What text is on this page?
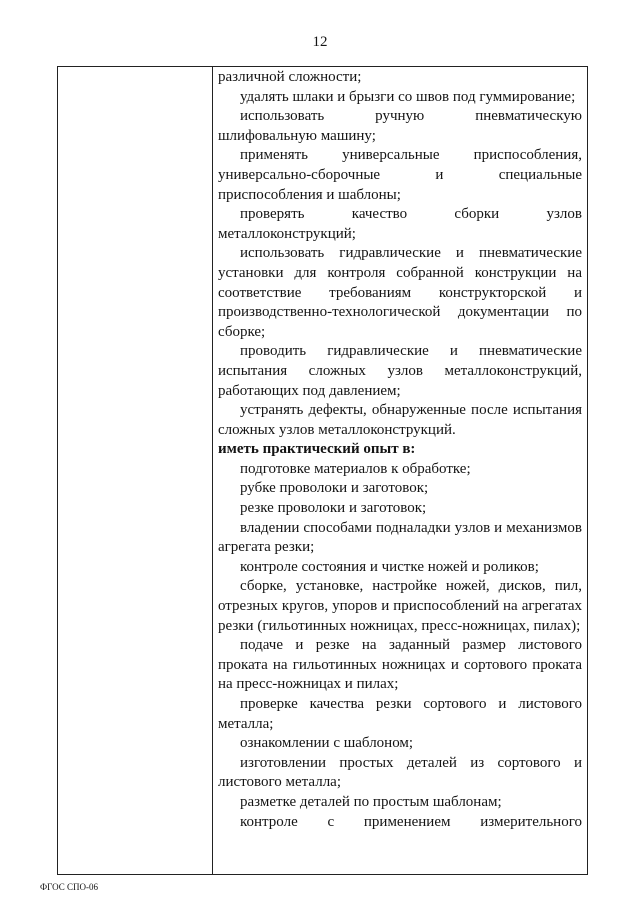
12

различной сложности;

удалять шлаки и брызги со швов под гуммирование;

использовать ручную пневматическую шлифовальную машину;

применять универсальные приспособления, универсально-сборочные и специальные приспособления и шаблоны;

проверять качество сборки узлов металлоконструкций;

использовать гидравлические и пневматические установки для контроля собранной конструкции на соответствие требованиям конструкторской и производственно-технологической документации по сборке;

проводить гидравлические и пневматические испытания сложных узлов металлоконструкций, работающих под давлением;

устранять дефекты, обнаруженные после испытания сложных узлов металлоконструкций.

иметь практический опыт в:

подготовке материалов к обработке;

рубке проволоки и заготовок;

резке проволоки и заготовок;

владении способами подналадки узлов и механизмов агрегата резки;

контроле состояния и чистке ножей и роликов;

сборке, установке, настройке ножей, дисков, пил, отрезных кругов, упоров и приспособлений на агрегатах резки (гильотинных ножницах, пресс-ножницах, пилах);

подаче и резке на заданный размер листового проката на гильотинных ножницах и сортового проката на пресс-ножницах и пилах;

проверке качества резки сортового и листового металла;

ознакомлении с шаблоном;

изготовлении простых деталей из сортового и листового металла;

разметке деталей по простым шаблонам;

контроле с применением измерительного

ФГОС СПО-06
